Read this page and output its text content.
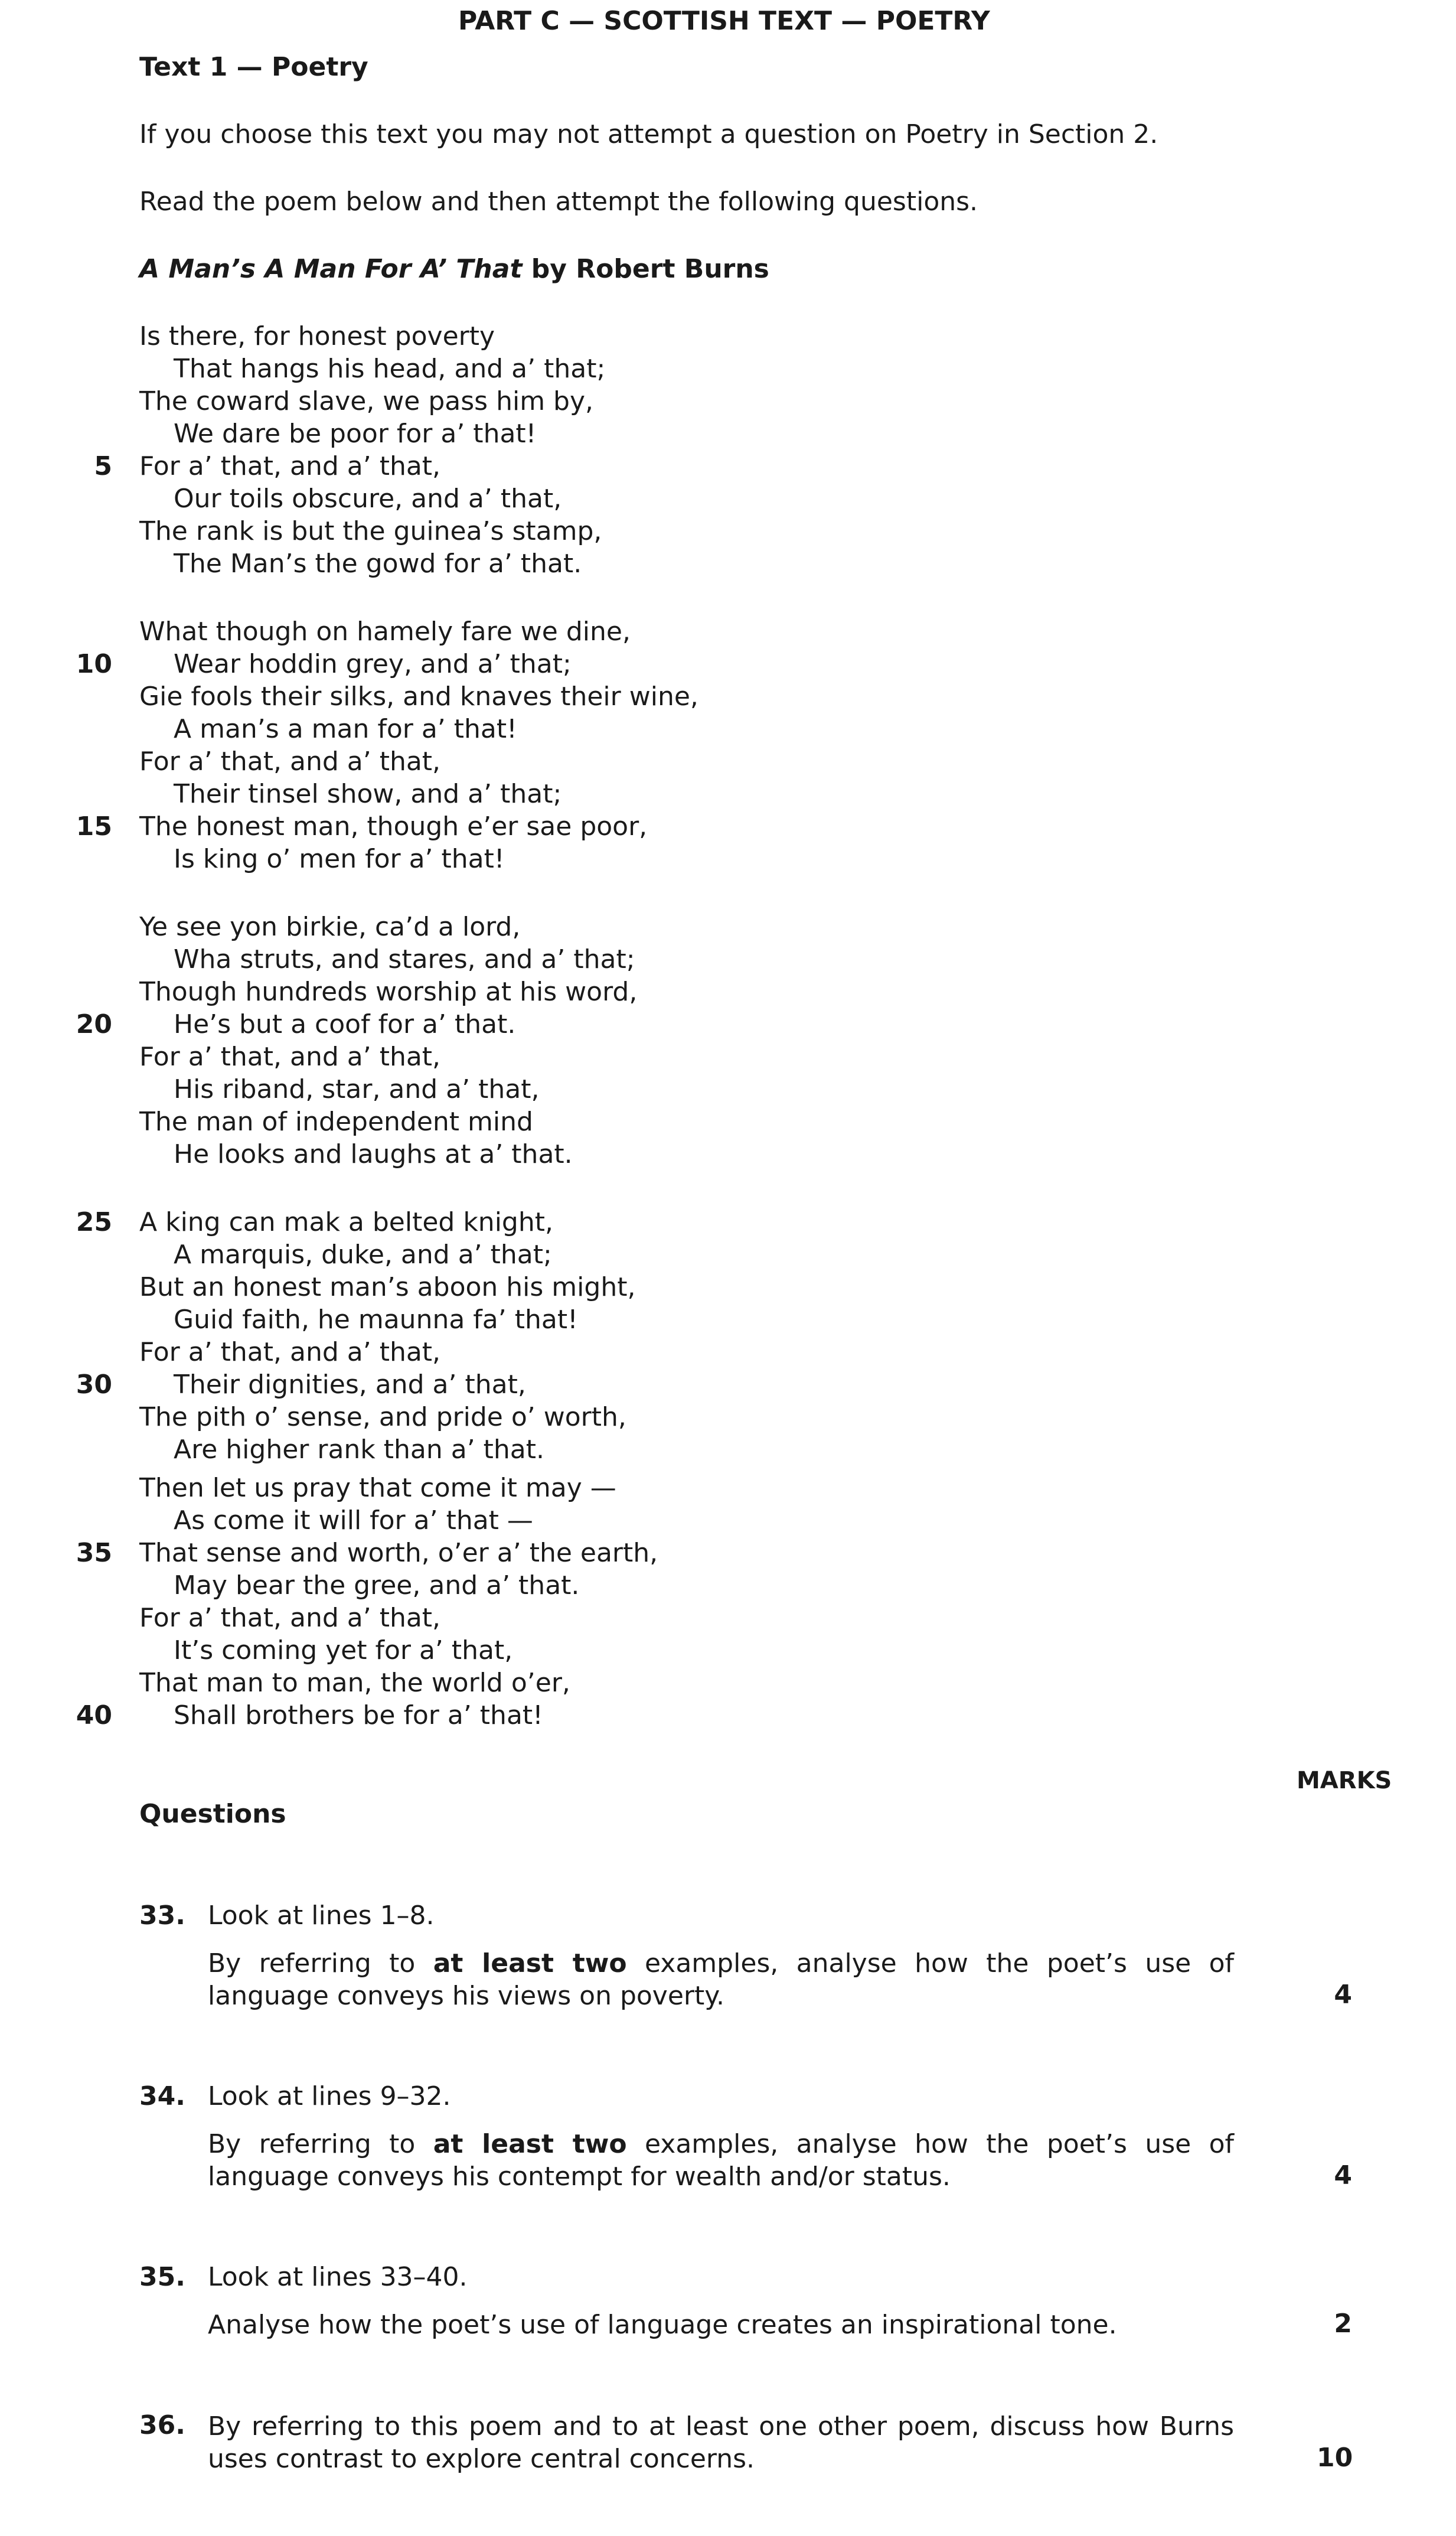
PART C — SCOTTISH TEXT — POETRY
Text 1 — Poetry
If you choose this text you may not attempt a question on Poetry in Section 2.
Read the poem below and then attempt the following questions.
A Man’s A Man For A’ That by Robert Burns
Is there, for honest poverty
That hangs his head, and a’ that;
The coward slave, we pass him by,
We dare be poor for a’ that!
For a’ that, and a’ that,
Our toils obscure, and a’ that,
The rank is but the guinea’s stamp,
The Man’s the gowd for a’ that.
What though on hamely fare we dine,
Wear hoddin grey, and a’ that;
Gie fools their silks, and knaves their wine,
A man’s a man for a’ that!
For a’ that, and a’ that,
Their tinsel show, and a’ that;
The honest man, though e’er sae poor,
Is king o’ men for a’ that!
Ye see yon birkie, ca’d a lord,
Wha struts, and stares, and a’ that;
Though hundreds worship at his word,
He’s but a coof for a’ that.
For a’ that, and a’ that,
His riband, star, and a’ that,
The man of independent mind
He looks and laughs at a’ that.
A king can mak a belted knight,
A marquis, duke, and a’ that;
But an honest man’s aboon his might,
Guid faith, he maunna fa’ that!
For a’ that, and a’ that,
Their dignities, and a’ that,
The pith o’ sense, and pride o’ worth,
Are higher rank than a’ that.
Then let us pray that come it may —
As come it will for a’ that —
That sense and worth, o’er a’ the earth,
May bear the gree, and a’ that.
For a’ that, and a’ that,
It’s coming yet for a’ that,
That man to man, the world o’er,
Shall brothers be for a’ that!
5
10
15
20
25
30
35
40
MARKS
Questions
33. Look at lines 1–8.
By referring to at least two examples, analyse how the poet’s use of language conveys his views on poverty.	4
34. Look at lines 9–32.
By referring to at least two examples, analyse how the poet’s use of language conveys his contempt for wealth and/or status.	4
35. Look at lines 33–40.
Analyse how the poet’s use of language creates an inspirational tone.	2
36. By referring to this poem and to at least one other poem, discuss how Burns uses contrast to explore central concerns.	10
